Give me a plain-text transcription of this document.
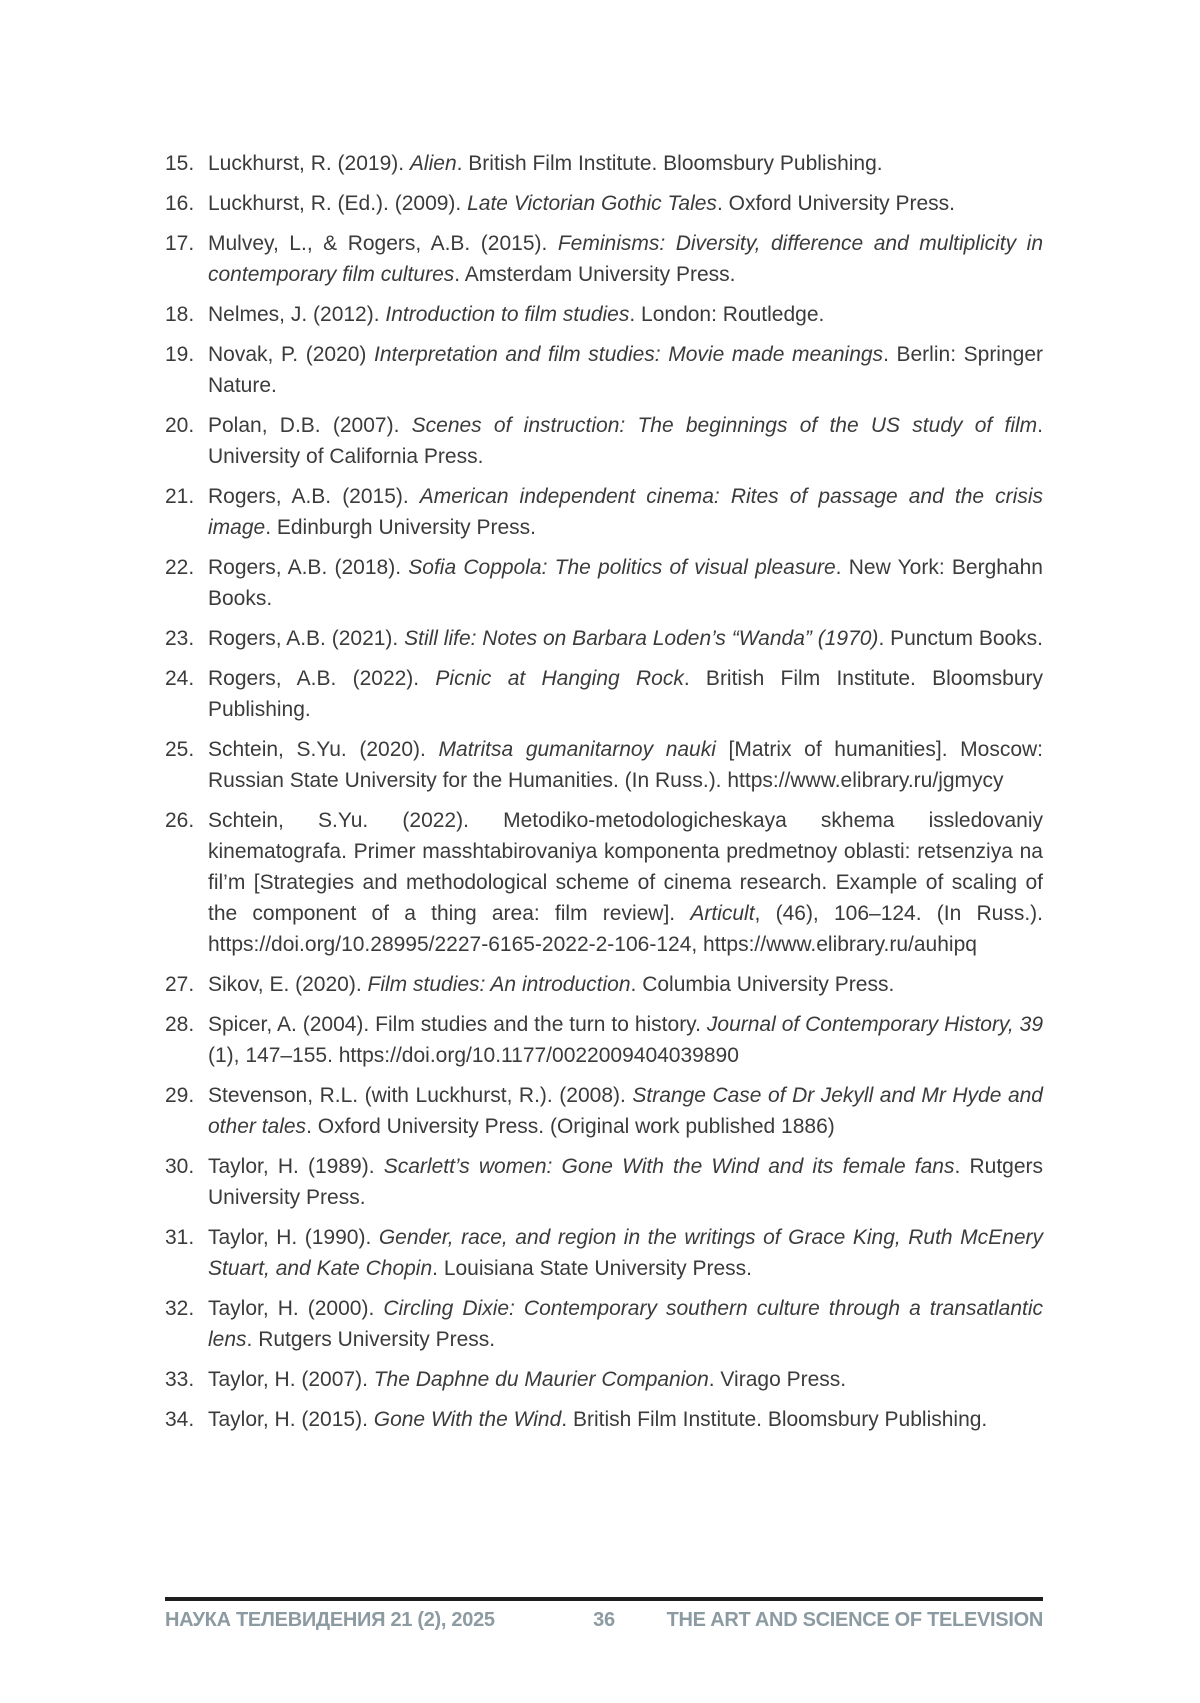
15. Luckhurst, R. (2019). Alien. British Film Institute. Bloomsbury Publishing.
16. Luckhurst, R. (Ed.). (2009). Late Victorian Gothic Tales. Oxford University Press.
17. Mulvey, L., & Rogers, A.B. (2015). Feminisms: Diversity, difference and multiplicity in contemporary film cultures. Amsterdam University Press.
18. Nelmes, J. (2012). Introduction to film studies. London: Routledge.
19. Novak, P. (2020) Interpretation and film studies: Movie made meanings. Berlin: Springer Nature.
20. Polan, D.B. (2007). Scenes of instruction: The beginnings of the US study of film. University of California Press.
21. Rogers, A.B. (2015). American independent cinema: Rites of passage and the crisis image. Edinburgh University Press.
22. Rogers, A.B. (2018). Sofia Coppola: The politics of visual pleasure. New York: Berghahn Books.
23. Rogers, A.B. (2021). Still life: Notes on Barbara Loden’s “Wanda” (1970). Punctum Books.
24. Rogers, A.B. (2022). Picnic at Hanging Rock. British Film Institute. Bloomsbury Publishing.
25. Schtein, S.Yu. (2020). Matritsa gumanitarnoy nauki [Matrix of humanities]. Moscow: Russian State University for the Humanities. (In Russ.). https://www.elibrary.ru/jgmycy
26. Schtein, S.Yu. (2022). Metodiko-metodologicheskaya skhema issledovaniy kinematografa. Primer masshtabirovaniya komponenta predmetnoy oblasti: retsenziya na fil’m [Strategies and methodological scheme of cinema research. Example of scaling of the component of a thing area: film review]. Articult, (46), 106–124. (In Russ.). https://doi.org/10.28995/2227-6165-2022-2-106-124, https://www.elibrary.ru/auhipq
27. Sikov, E. (2020). Film studies: An introduction. Columbia University Press.
28. Spicer, A. (2004). Film studies and the turn to history. Journal of Contemporary History, 39 (1), 147–155. https://doi.org/10.1177/0022009404039890
29. Stevenson, R.L. (with Luckhurst, R.). (2008). Strange Case of Dr Jekyll and Mr Hyde and other tales. Oxford University Press. (Original work published 1886)
30. Taylor, H. (1989). Scarlett’s women: Gone With the Wind and its female fans. Rutgers University Press.
31. Taylor, H. (1990). Gender, race, and region in the writings of Grace King, Ruth McEnery Stuart, and Kate Chopin. Louisiana State University Press.
32. Taylor, H. (2000). Circling Dixie: Contemporary southern culture through a transatlantic lens. Rutgers University Press.
33. Taylor, H. (2007). The Daphne du Maurier Companion. Virago Press.
34. Taylor, H. (2015). Gone With the Wind. British Film Institute. Bloomsbury Publishing.
НАУКА ТЕЛЕВИДЕНИЯ 21 (2), 2025	36	THE ART AND SCIENCE OF TELEVISION
